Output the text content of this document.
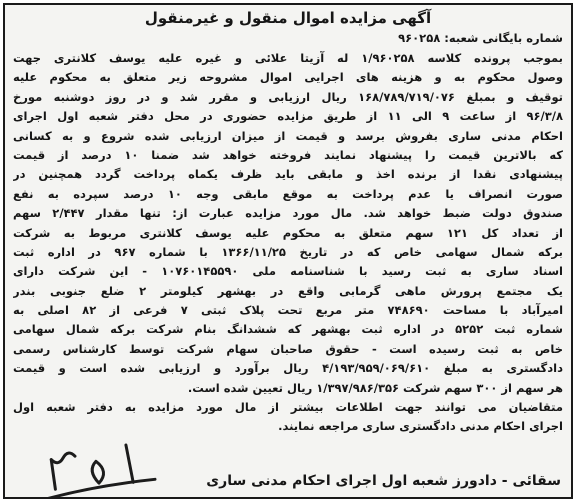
آگهی مزایده اموال منقول و غیرمنقول
شماره بایگانی شعبه: ۹۶۰۲۵۸
بموجب پرونده کلاسه ۱/۹۶۰۲۵۸ له آزیتا علائی و غیره علیه یوسف کلانتری جهت
وصول محکوم به و هزینه های اجرایی اموال مشروحه زیر متعلق به محکوم علیه
توقیف و بمبلغ ۱۶۸/۷۸۹/۷۱۹/۰۷۶ ریال ارزیابی و مقرر شد و در روز دوشنبه مورخ
۹۶/۳/۸ از ساعت ۹ الی ۱۱ از طریق مزایده حضوری در محل دفتر شعبه اول اجرای
احکام مدنی ساری بفروش برسد و قیمت از میزان ارزیابی شده شروع و به کسانی
که بالاترین قیمت را پیشنهاد نمایند فروخته خواهد شد ضمنا ۱۰ درصد از قیمت
پیشنهادی نقدا از برنده اخذ و مابقی باید ظرف یکماه پرداخت گردد همچنین در
صورت انصراف یا عدم پرداخت به موقع مابقی وجه ۱۰ درصد سپرده به نفع
صندوق دولت ضبط خواهد شد. مال مورد مزایده عبارت از: تنها مقدار ۲/۴۴۷ سهم
از تعداد کل ۱۲۱ سهم متعلق به محکوم علیه یوسف کلانتری مربوط به شرکت
برکه شمال سهامی خاص که در تاریخ ۱۳۶۶/۱۱/۲۵ با شماره ۹۶۷ در اداره ثبت
اسناد ساری به ثبت رسید با شناسنامه ملی ۱۰۷۶۰۱۴۵۵۹۰ - این شرکت دارای
یک مجتمع پرورش ماهی گرمابی واقع در بهشهر کیلومتر ۲ ضلع جنوبی بندر
امیرآباد با مساحت ۷۴۸۶۹۰ متر مربع تحت پلاک ثبتی ۷ فرعی از ۸۲ اصلی به
شماره ثبت ۵۲۵۲ در اداره ثبت بهشهر که ششدانگ بنام شرکت برکه شمال سهامی
خاص به ثبت رسیده است - حقوق صاحبان سهام شرکت توسط کارشناس رسمی
دادگستری به مبلغ ۴/۱۹۳/۹۵۹/۰۶۹/۶۱۰ ریال برآورد و ارزیابی شده است و قیمت
هر سهم از ۳۰۰ سهم شرکت ۱/۳۹۷/۹۸۶/۳۵۶ ریال تعیین شده است.
متقاضیان می توانند جهت اطلاعات بیشتر از مال مورد مزایده به دفتر شعبه اول
اجرای احکام مدنی دادگستری ساری مراجعه نمایند.
سقائی - دادورز شعبه اول اجرای احکام مدنی ساری
